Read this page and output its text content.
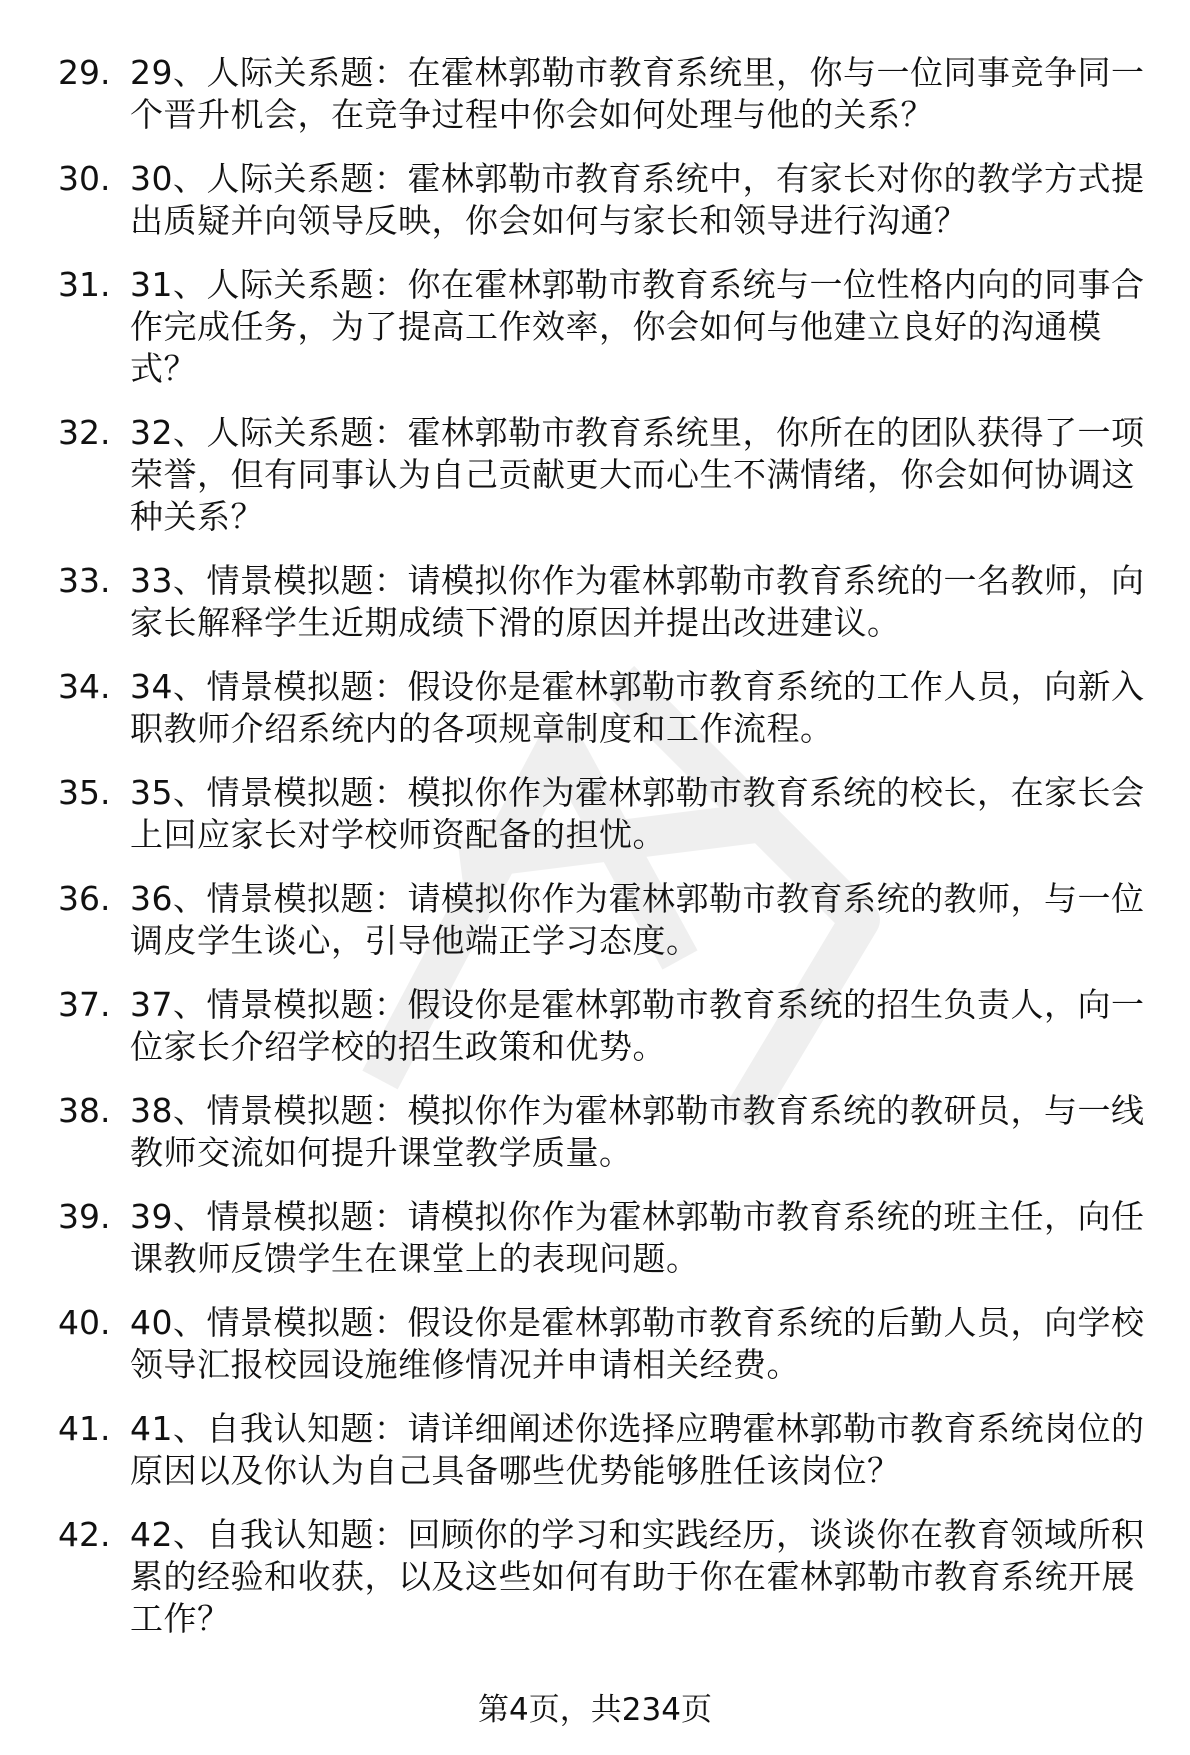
29. 29、人际关系题：在霍林郭勒市教育系统里，你与一位同事竞争同一个晋升机会，在竞争过程中你会如何处理与他的关系？
30. 30、人际关系题：霍林郭勒市教育系统中，有家长对你的教学方式提出质疑并向领导反映，你会如何与家长和领导进行沟通？
31. 31、人际关系题：你在霍林郭勒市教育系统与一位性格内向的同事合作完成任务，为了提高工作效率，你会如何与他建立良好的沟通模式？
32. 32、人际关系题：霍林郭勒市教育系统里，你所在的团队获得了一项荣誉，但有同事认为自己贡献更大而心生不满情绪，你会如何协调这种关系？
33. 33、情景模拟题：请模拟你作为霍林郭勒市教育系统的一名教师，向家长解释学生近期成绩下滑的原因并提出改进建议。
34. 34、情景模拟题：假设你是霍林郭勒市教育系统的工作人员，向新入职教师介绍系统内的各项规章制度和工作流程。
35. 35、情景模拟题：模拟你作为霍林郭勒市教育系统的校长，在家长会上回应家长对学校师资配备的担忧。
36. 36、情景模拟题：请模拟你作为霍林郭勒市教育系统的教师，与一位调皮学生谈心，引导他端正学习态度。
37. 37、情景模拟题：假设你是霍林郭勒市教育系统的招生负责人，向一位家长介绍学校的招生政策和优势。
38. 38、情景模拟题：模拟你作为霍林郭勒市教育系统的教研员，与一线教师交流如何提升课堂教学质量。
39. 39、情景模拟题：请模拟你作为霍林郭勒市教育系统的班主任，向任课教师反馈学生在课堂上的表现问题。
40. 40、情景模拟题：假设你是霍林郭勒市教育系统的后勤人员，向学校领导汇报校园设施维修情况并申请相关经费。
41. 41、自我认知题：请详细阐述你选择应聘霍林郭勒市教育系统岗位的原因以及你认为自己具备哪些优势能够胜任该岗位？
42. 42、自我认知题：回顾你的学习和实践经历，谈谈你在教育领域所积累的经验和收获，以及这些如何有助于你在霍林郭勒市教育系统开展工作？
第4页，共234页
